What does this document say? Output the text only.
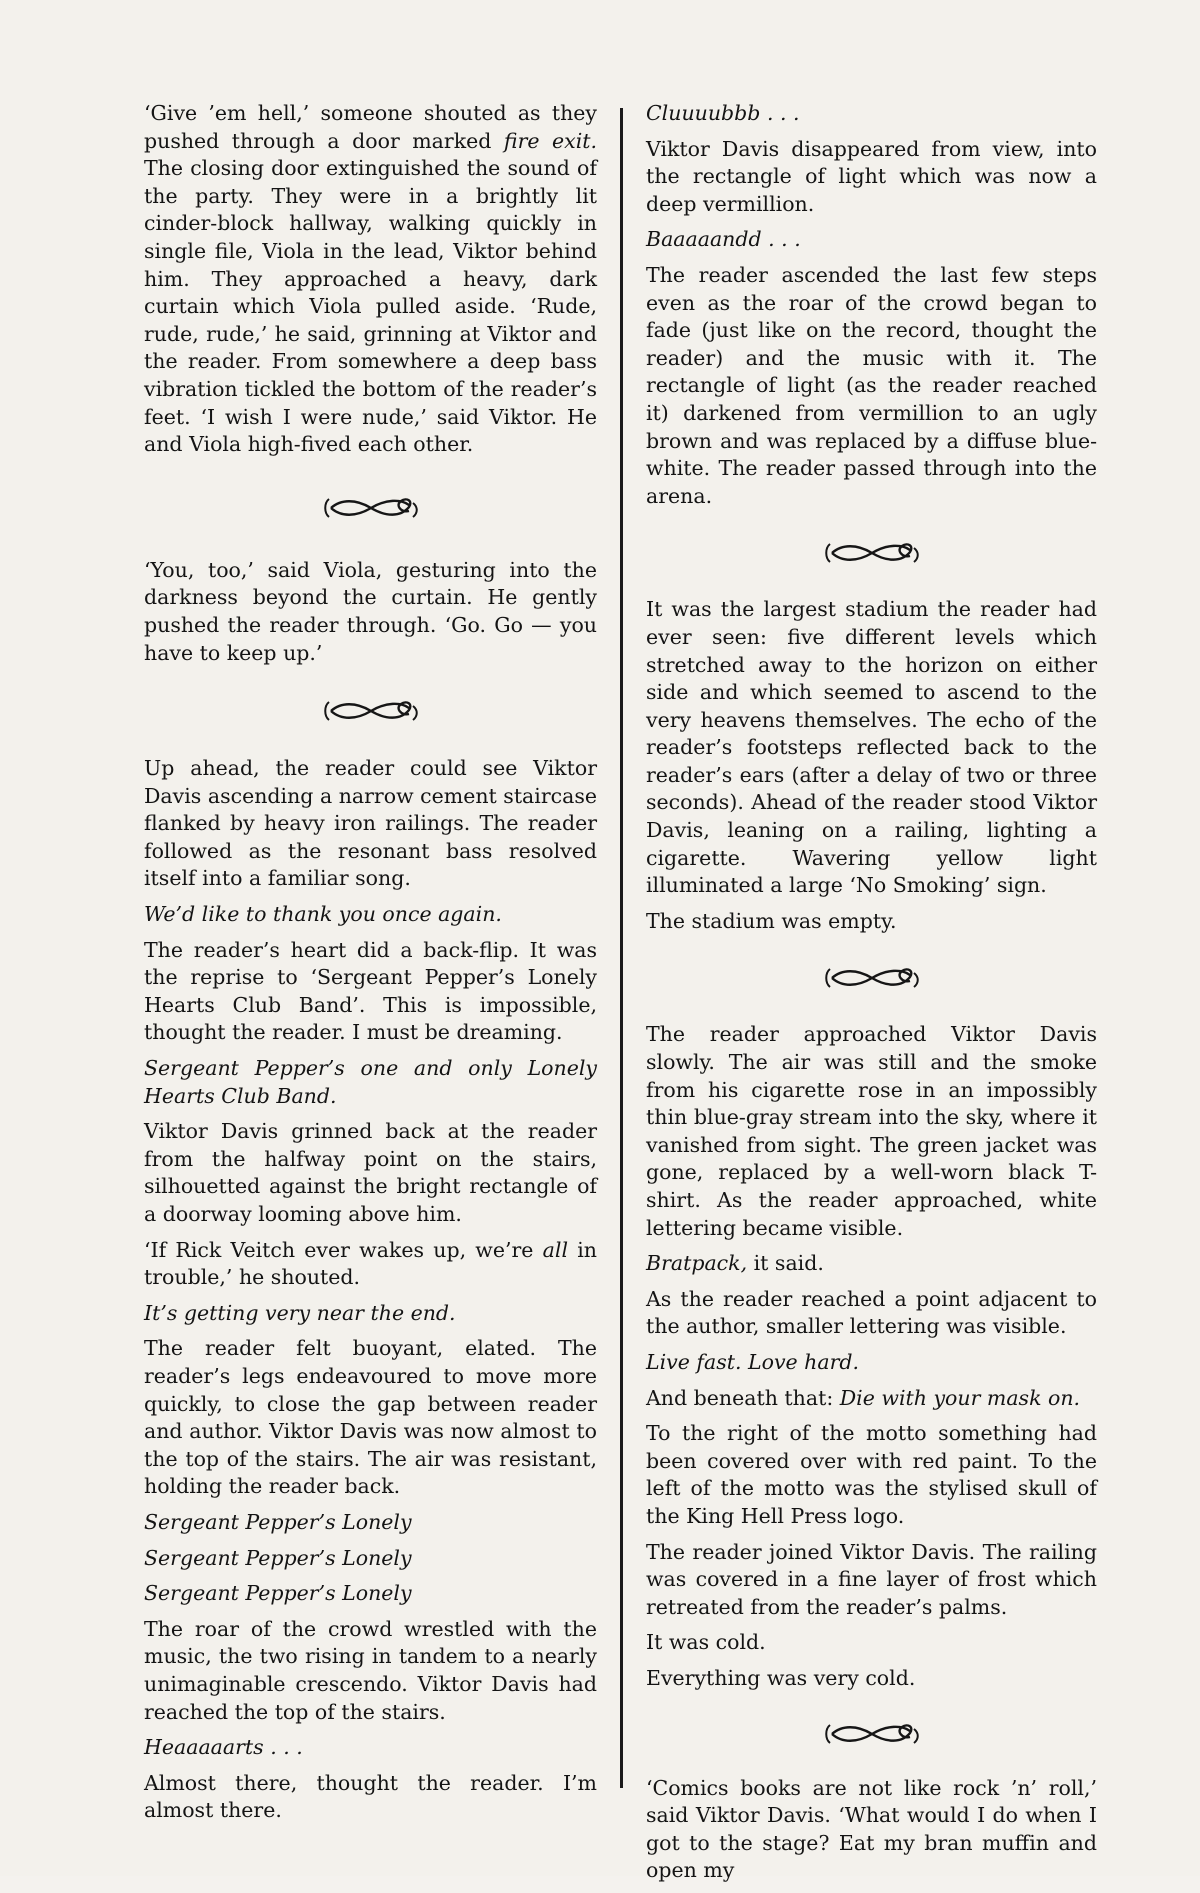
‘Give ’em hell,’ someone shouted as they pushed through a door marked fire exit. The closing door extinguished the sound of the party. They were in a brightly lit cinder-block hallway, walking quickly in single file, Viola in the lead, Viktor behind him. They approached a heavy, dark curtain which Viola pulled aside. ‘Rude, rude, rude,’ he said, grinning at Viktor and the reader. From somewhere a deep bass vibration tickled the bottom of the reader’s feet. ‘I wish I were nude,’ said Viktor. He and Viola high-fived each other.

‘You, too,’ said Viola, gesturing into the darkness beyond the curtain. He gently pushed the reader through. ‘Go. Go — you have to keep up.’

Up ahead, the reader could see Viktor Davis ascending a narrow cement staircase flanked by heavy iron railings. The reader followed as the resonant bass resolved itself into a familiar song.

We’d like to thank you once again.

The reader’s heart did a back-flip. It was the reprise to ‘Sergeant Pepper’s Lonely Hearts Club Band’. This is impossible, thought the reader. I must be dreaming.

Sergeant Pepper’s one and only Lonely Hearts Club Band.

Viktor Davis grinned back at the reader from the halfway point on the stairs, silhouetted against the bright rectangle of a doorway looming above him.

‘If Rick Veitch ever wakes up, we’re all in trouble,’ he shouted.

It’s getting very near the end.

The reader felt buoyant, elated. The reader’s legs endeavoured to move more quickly, to close the gap between reader and author. Viktor Davis was now almost to the top of the stairs. The air was resistant, holding the reader back.

Sergeant Pepper’s Lonely

Sergeant Pepper’s Lonely

Sergeant Pepper’s Lonely

The roar of the crowd wrestled with the music, the two rising in tandem to a nearly unimaginable crescendo. Viktor Davis had reached the top of the stairs.

Heaaaaarts . . .

Almost there, thought the reader. I’m almost there.

Cluuuubbb . . .

Viktor Davis disappeared from view, into the rectangle of light which was now a deep vermillion.

Baaaaandd . . .

The reader ascended the last few steps even as the roar of the crowd began to fade (just like on the record, thought the reader) and the music with it. The rectangle of light (as the reader reached it) darkened from vermillion to an ugly brown and was replaced by a diffuse blue-white. The reader passed through into the arena.

It was the largest stadium the reader had ever seen: five different levels which stretched away to the horizon on either side and which seemed to ascend to the very heavens themselves. The echo of the reader’s footsteps reflected back to the reader’s ears (after a delay of two or three seconds). Ahead of the reader stood Viktor Davis, leaning on a railing, lighting a cigarette. Wavering yellow light illuminated a large ‘No Smoking’ sign.

The stadium was empty.

The reader approached Viktor Davis slowly. The air was still and the smoke from his cigarette rose in an impossibly thin blue-gray stream into the sky, where it vanished from sight. The green jacket was gone, replaced by a well-worn black T-shirt. As the reader approached, white lettering became visible.

Bratpack, it said.

As the reader reached a point adjacent to the author, smaller lettering was visible.

Live fast. Love hard.

And beneath that: Die with your mask on.

To the right of the motto something had been covered over with red paint. To the left of the motto was the stylised skull of the King Hell Press logo.

The reader joined Viktor Davis. The railing was covered in a fine layer of frost which retreated from the reader’s palms.

It was cold.

Everything was very cold.

‘Comics books are not like rock ’n’ roll,’ said Viktor Davis. ‘What would I do when I got to the stage? Eat my bran muffin and open my
